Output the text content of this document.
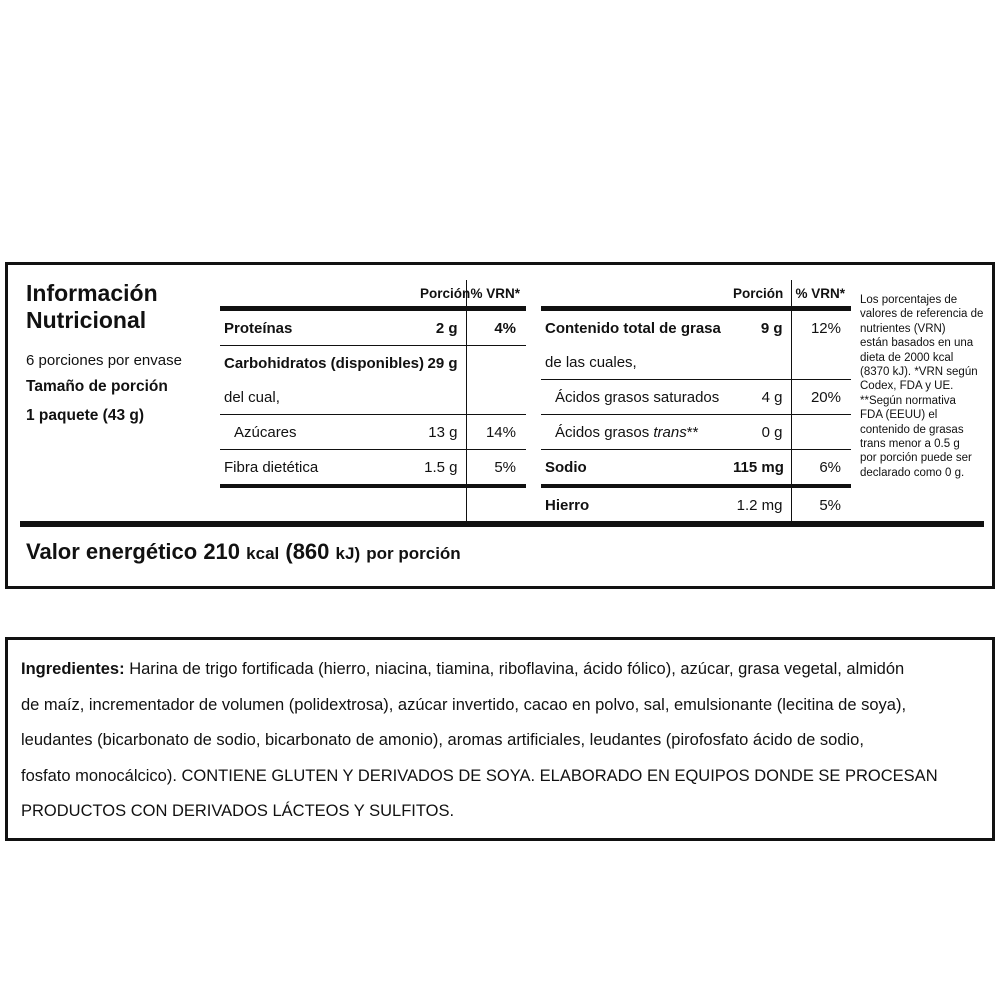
Información
Nutricional
6 porciones por envase
Tamaño de porción
1 paquete (43 g)
	Porción	% VRN*
Proteínas	2 g	4%
Carbohidratos (disponibles)	29 g	
del cual,		
Azúcares	13 g	14%
Fibra dietética	1.5 g	5%

	Porción	% VRN*
Contenido total de grasa	9 g	12%
de las cuales,		
Ácidos grasos saturados	4 g	20%
Ácidos grasos trans**	0 g	
Sodio	115 mg	6%
Hierro	1.2 mg	5%
Los porcentajes de
valores de referencia de
nutrientes (VRN)
están basados en una
dieta de 2000 kcal
(8370 kJ). *VRN según
Codex, FDA y UE.
**Según normativa
FDA (EEUU) el
contenido de grasas
trans menor a 0.5 g
por porción puede ser
declarado como 0 g.
Valor energético 210 kcal (860 kJ) por porción
Ingredientes: Harina de trigo fortificada (hierro, niacina, tiamina, riboflavina, ácido fólico), azúcar, grasa vegetal, almidón
de maíz, incrementador de volumen (polidextrosa), azúcar invertido, cacao en polvo, sal, emulsionante (lecitina de soya),
leudantes (bicarbonato de sodio, bicarbonato de amonio), aromas artificiales, leudantes (pirofosfato ácido de sodio,
fosfato monocálcico). CONTIENE GLUTEN Y DERIVADOS DE SOYA. ELABORADO EN EQUIPOS DONDE SE PROCESAN
PRODUCTOS CON DERIVADOS LÁCTEOS Y SULFITOS.
